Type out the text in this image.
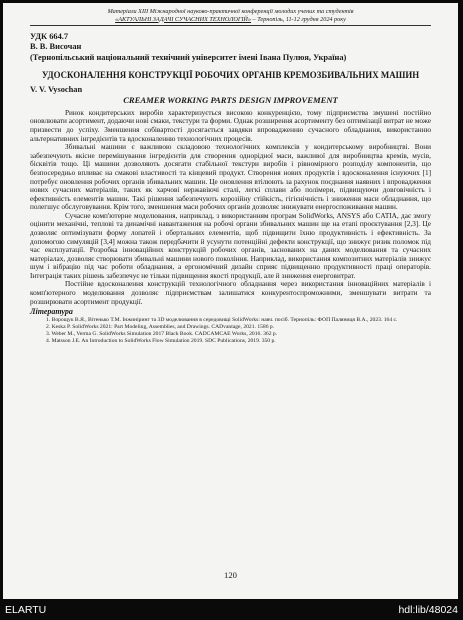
Матеріали XIII Міжнародної науково-практичної конференції молодих учених та студентів
«АКТУАЛЬНІ ЗАДАЧІ СУЧАСНИХ ТЕХНОЛОГІЙ» – Тернопіль, 11-12 грудня 2024 року
УДК 664.7
В. В. Височан
(Тернопільський національний технічний університет імені Івана Пулюя, Україна)
УДОСКОНАЛЕННЯ КОНСТРУКЦІЇ РОБОЧИХ ОРГАНІВ КРЕМОЗБИВАЛЬНИХ МАШИН
V. V. Vysochan
CREAMER WORKING PARTS DESIGN IMPROVEMENT

Ринок кондитерських виробів характеризується високою конкуренцією, тому підприємства змушені постійно оновлювати асортимент, додаючи нові смаки, текстури та форми. Однак розширення асортименту без оптимізації витрат не може призвести до успіху. Зменшення собівартості досягається завдяки впровадженню сучасного обладнання, використанню альтернативних інгредієнтів та вдосконаленню технологічних процесів.

Збивальні машини є важливою складовою технологічних комплексів у кондитерському виробництві. Вони забезпечують якісне перемішування інгредієнтів для створення однорідної маси, важливої для виробництва кремів, мусів, бісквітів тощо. Ці машини дозволяють досягати стабільної текстури виробів і рівномірного розподілу компонентів, що безпосередньо впливає на смакові властивості та кінцевий продукт. Створення нових продуктів і вдосконалення існуючих [1] потребує оновлення робочих органів збивальних машин. Це оновлення втілюють за рахунок поєднання наявних і впровадження нових сучасних матеріалів, таких як харчові нержавіючі сталі, легкі сплави або полімери, підвищуючи довговічність і ефективність елементів машин. Такі рішення забезпечують корозійну стійкість, гігієнічність і зниження маси обладнання, що полегшує обслуговування. Крім того, зменшення маси робочих органів дозволяє знижувати енергоспоживання машин.

Сучасне комп'ютерне моделювання, наприклад, з використанням програм SolidWorks, ANSYS або CATIA, дає змогу оцінити механічні, теплові та динамічні навантаження на робочі органи збивальних машин ще на етапі проєктування [2,3]. Це дозволяє оптимізувати форму лопатей і обертальних елементів, щоб підвищити їхню продуктивність і ефективність. За допомогою симуляцій [3,4] можна також передбачити й усунути потенційні дефекти конструкції, що знижує ризик поломок під час експлуатації. Розробка інноваційних конструкцій робочих органів, заснованих на даних моделювання та сучасних матеріалах, дозволяє створювати збивальні машини нового покоління. Наприклад, використання композитних матеріалів знижує шум і вібрацію під час роботи обладнання, а ергономічний дизайн сприяє підвищенню продуктивності праці операторів. Інтеграція таких рішень забезпечує не тільки підвищення якості продукції, але й зниження енерговитрат.

Постійне вдосконалення конструкцій технологічного обладнання через використання інноваційних матеріалів і комп'ютерного моделювання дозволяє підприємствам залишатися конкурентоспроможними, зменшувати витрати та розширювати асортимент продукції.

Література
1. Ворощук В.Я., Вітенько Т.М. Інжиніринг та 3D моделювання в середовищі SolidWorks: навч. посіб. Тернопіль: ФОП Паляниця В.А., 2023. 164 с.
2. Keska P. SolidWorks 2021: Part Modeling, Assemblies, and Drawings. CADvantage, 2021. 1586 p.
3. Weber M., Verma G. SolidWorks Simulation 2017 Black Book. CADCAMCAE Works, 2016. 362 p.
4. Matsson J.E. An Introduction to SolidWorks Flow Simulation 2019. SDC Publications, 2019. 350 p.
120
ELARTU	hdl:lib/48024
